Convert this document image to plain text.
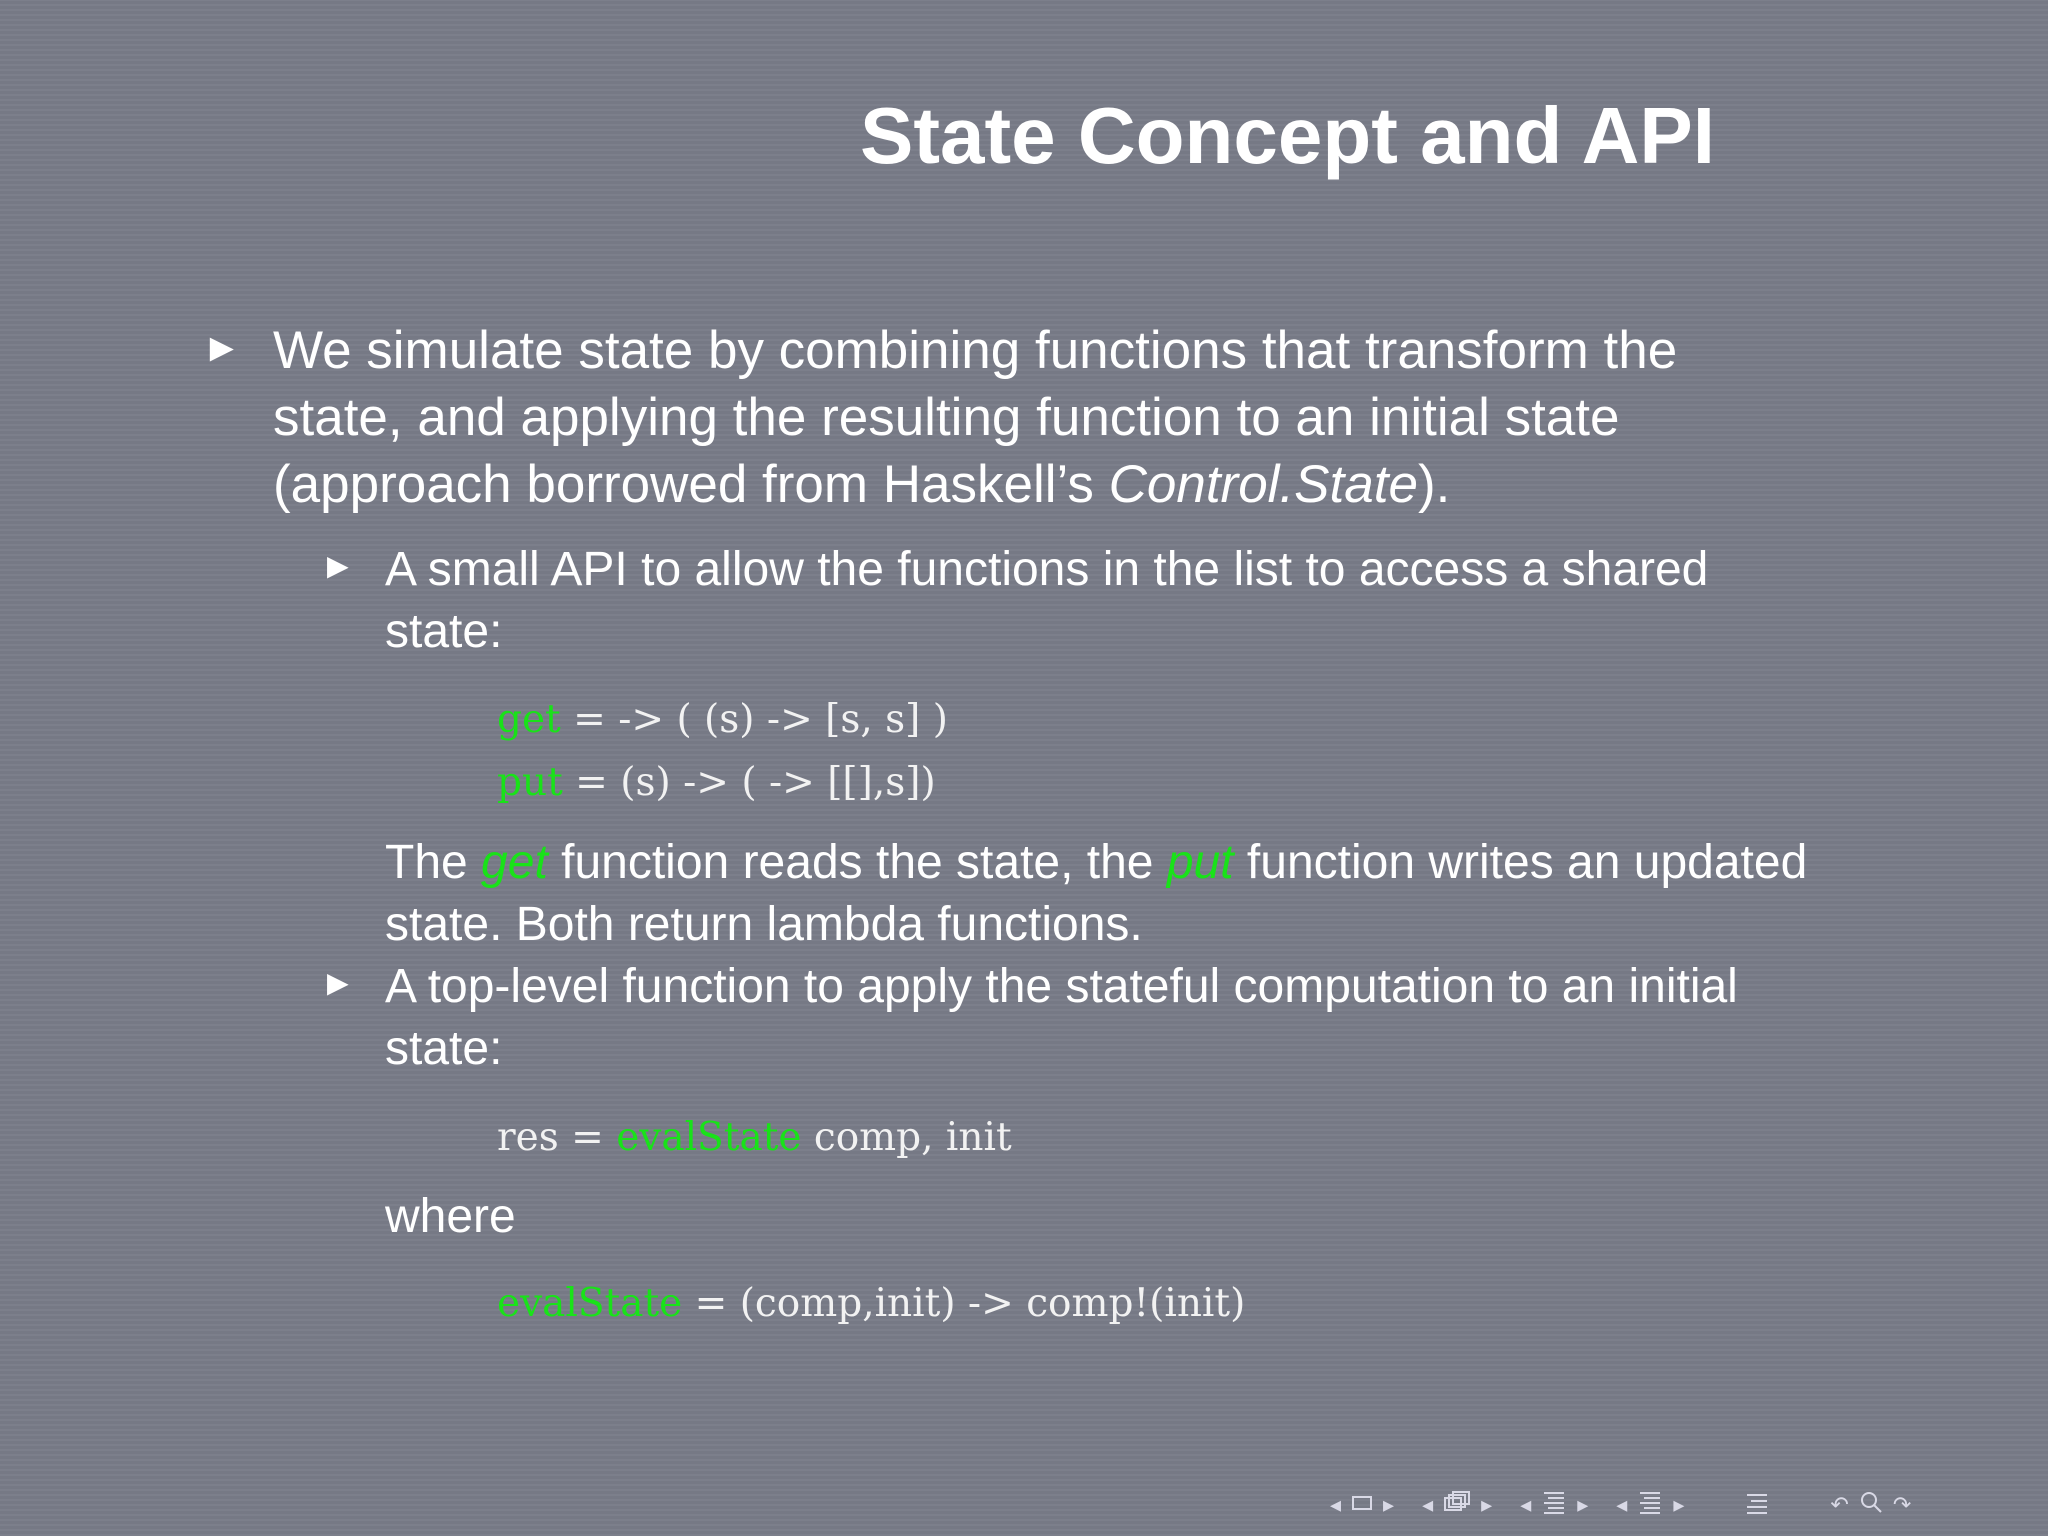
State Concept and API
► We simulate state by combining functions that transform the
state, and applying the resulting function to an initial state
(approach borrowed from Haskell’s Control.State).
► A small API to allow the functions in the list to access a shared
state:
get = -> ( (s) -> [s, s] )
put = (s) -> ( -> [[],s])
The get function reads the state, the put function writes an updated
state. Both return lambda functions.
► A top-level function to apply the stateful computation to an initial
state:
res = evalState comp, init
where
evalState = (comp,init) -> comp!(init)
◂ ▸ ◂ ▸ ◂ ▸ ◂ ▸	↶ ↷
